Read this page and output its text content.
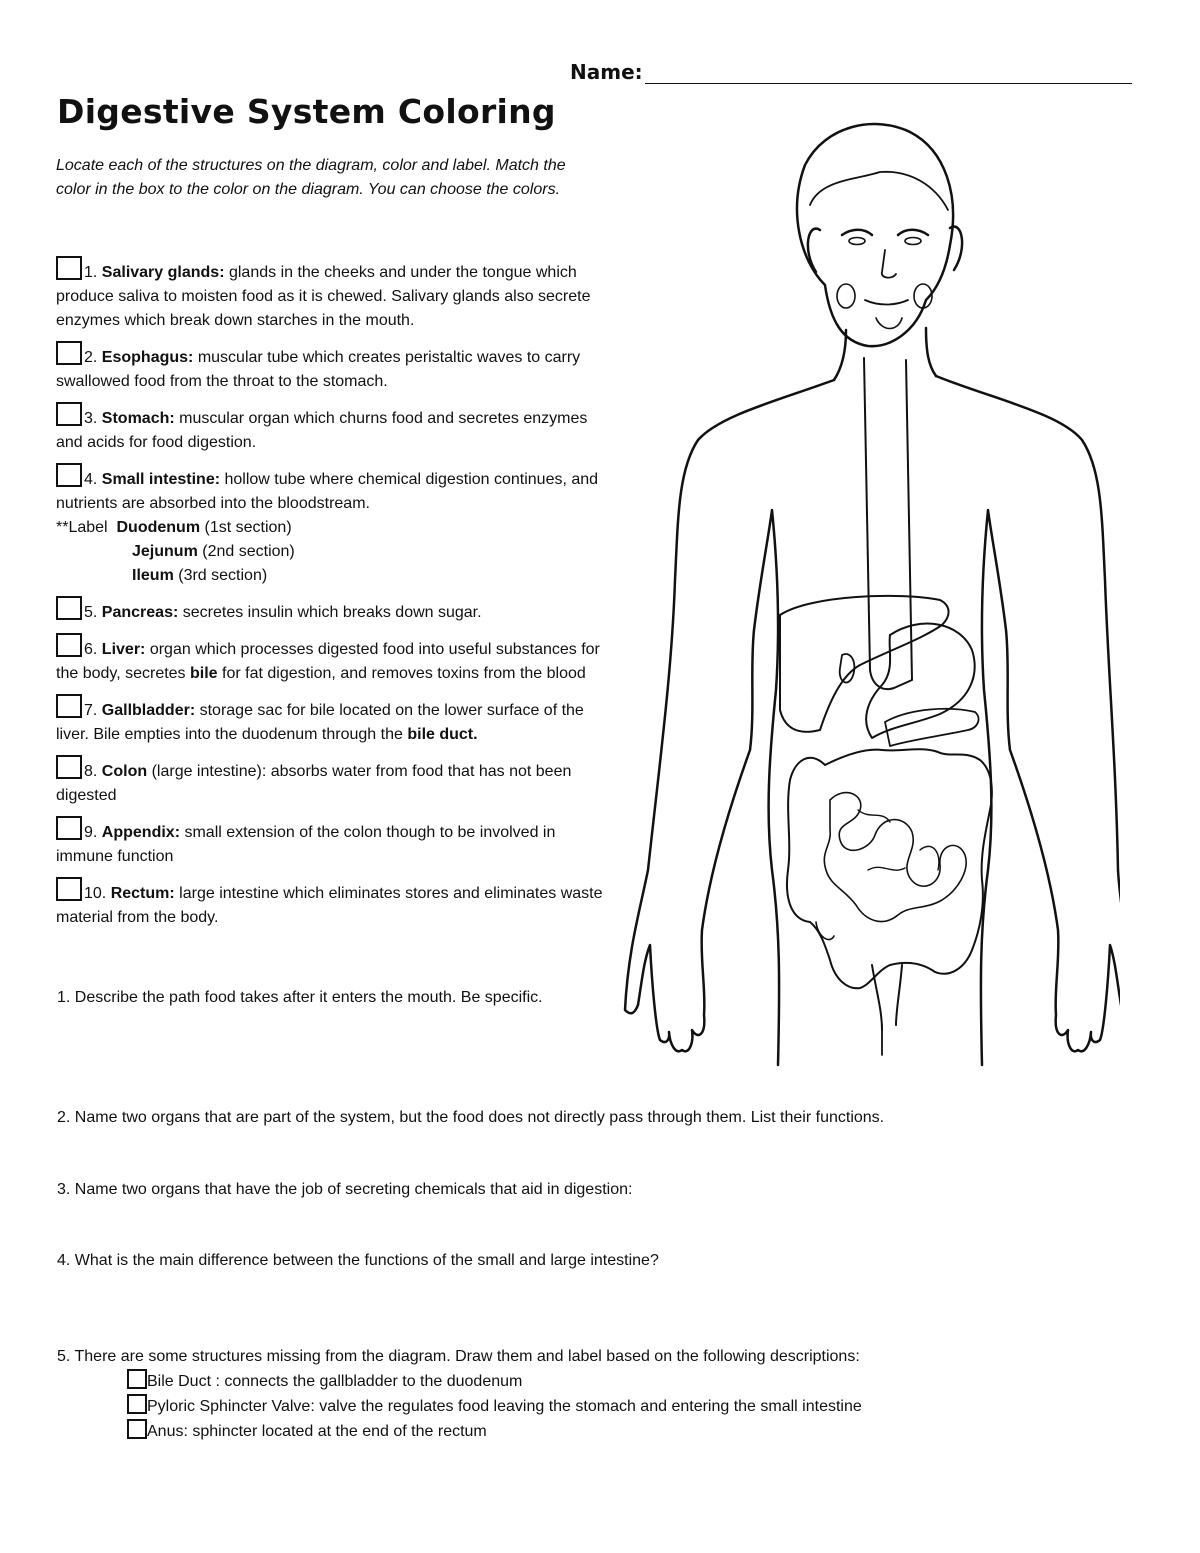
Name:
Digestive System Coloring
Locate each of the structures on the diagram, color and label. Match the color in the box to the color on the diagram. You can choose the colors.
1. Salivary glands: glands in the cheeks and under the tongue which produce saliva to moisten food as it is chewed. Salivary glands also secrete enzymes which break down starches in the mouth.
2. Esophagus: muscular tube which creates peristaltic waves to carry swallowed food from the throat to the stomach.
3. Stomach: muscular organ which churns food and secretes enzymes and acids for food digestion.
4. Small intestine: hollow tube where chemical digestion continues, and nutrients are absorbed into the bloodstream.
**Label Duodenum (1st section)
Jejunum (2nd section)
Ileum (3rd section)
5. Pancreas: secretes insulin which breaks down sugar.
6. Liver: organ which processes digested food into useful substances for the body, secretes bile for fat digestion, and removes toxins from the blood
7. Gallbladder: storage sac for bile located on the lower surface of the liver. Bile empties into the duodenum through the bile duct.
8. Colon (large intestine): absorbs water from food that has not been digested
9. Appendix: small extension of the colon though to be involved in immune function
10. Rectum: large intestine which eliminates stores and eliminates waste material from the body.
1. Describe the path food takes after it enters the mouth. Be specific.
2. Name two organs that are part of the system, but the food does not directly pass through them. List their functions.
3. Name two organs that have the job of secreting chemicals that aid in digestion:
4. What is the main difference between the functions of the small and large intestine?
5. There are some structures missing from the diagram. Draw them and label based on the following descriptions:
Bile Duct : connects the gallbladder to the duodenum
Pyloric Sphincter Valve: valve the regulates food leaving the stomach and entering the small intestine
Anus: sphincter located at the end of the rectum
